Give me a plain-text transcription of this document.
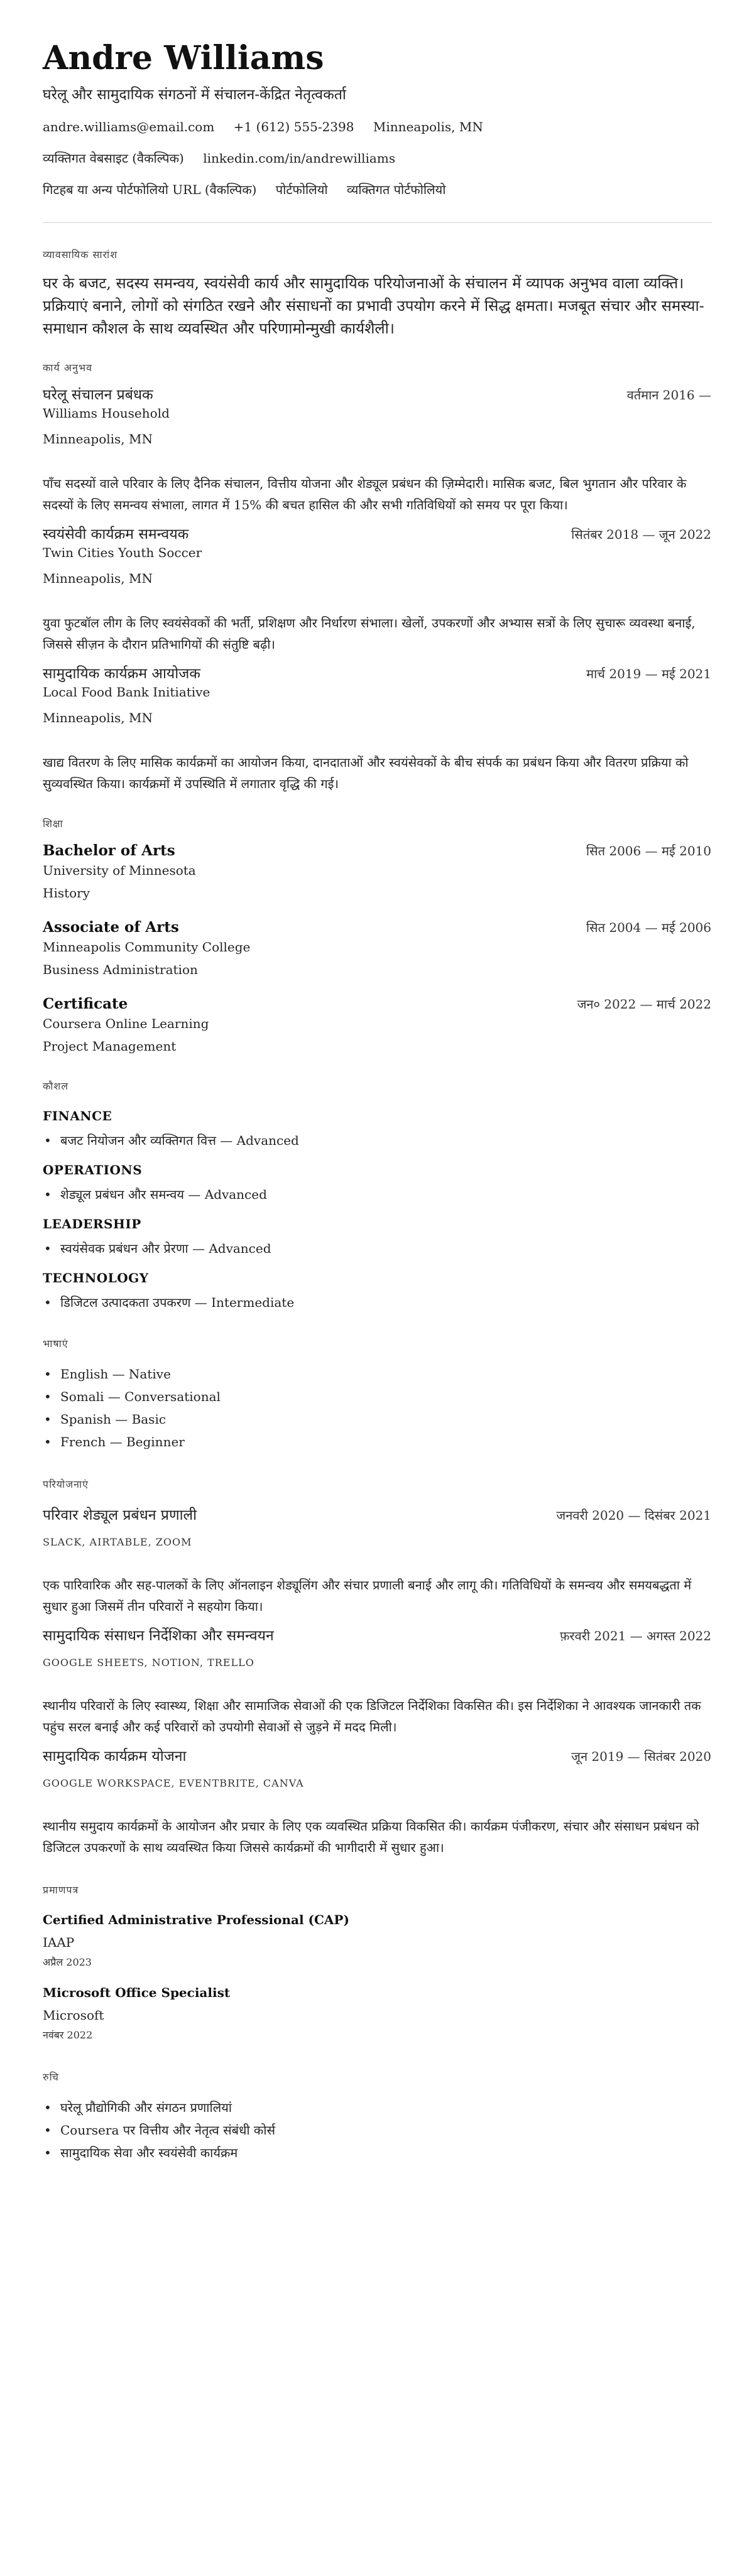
Andre Williams
घरेलू और सामुदायिक संगठनों में संचालन-केंद्रित नेतृत्वकर्ता
andre.williams@email.com +1 (612) 555-2398 Minneapolis, MN
व्यक्तिगत वेबसाइट (वैकल्पिक) linkedin.com/in/andrewilliams
गिटहब या अन्य पोर्टफोलियो URL (वैकल्पिक) पोर्टफोलियो व्यक्तिगत पोर्टफोलियो
व्यावसायिक सारांश
घर के बजट, सदस्य समन्वय, स्वयंसेवी कार्य और सामुदायिक परियोजनाओं के संचालन में व्यापक अनुभव वाला व्यक्ति। प्रक्रियाएं बनाने, लोगों को संगठित रखने और संसाधनों का प्रभावी उपयोग करने में सिद्ध क्षमता। मजबूत संचार और समस्या-समाधान कौशल के साथ व्यवस्थित और परिणामोन्मुखी कार्यशैली।
कार्य अनुभव
घरेलू संचालन प्रबंधक	वर्तमान 2016 —
Williams Household
Minneapolis, MN
पाँच सदस्यों वाले परिवार के लिए दैनिक संचालन, वित्तीय योजना और शेड्यूल प्रबंधन की ज़िम्मेदारी। मासिक बजट, बिल भुगतान और परिवार के सदस्यों के लिए समन्वय संभाला, लागत में 15% की बचत हासिल की और सभी गतिविधियों को समय पर पूरा किया।
स्वयंसेवी कार्यक्रम समन्वयक	सितंबर 2018 — जून 2022
Twin Cities Youth Soccer
Minneapolis, MN
युवा फुटबॉल लीग के लिए स्वयंसेवकों की भर्ती, प्रशिक्षण और निर्धारण संभाला। खेलों, उपकरणों और अभ्यास सत्रों के लिए सुचारू व्यवस्था बनाई, जिससे सीज़न के दौरान प्रतिभागियों की संतुष्टि बढ़ी।
सामुदायिक कार्यक्रम आयोजक	मार्च 2019 — मई 2021
Local Food Bank Initiative
Minneapolis, MN
खाद्य वितरण के लिए मासिक कार्यक्रमों का आयोजन किया, दानदाताओं और स्वयंसेवकों के बीच संपर्क का प्रबंधन किया और वितरण प्रक्रिया को सुव्यवस्थित किया। कार्यक्रमों में उपस्थिति में लगातार वृद्धि की गई।
शिक्षा
Bachelor of Arts	सित 2006 — मई 2010
University of Minnesota
History
Associate of Arts	सित 2004 — मई 2006
Minneapolis Community College
Business Administration
Certificate	जन० 2022 — मार्च 2022
Coursera Online Learning
Project Management
कौशल
FINANCE
• बजट नियोजन और व्यक्तिगत वित्त — Advanced
OPERATIONS
• शेड्यूल प्रबंधन और समन्वय — Advanced
LEADERSHIP
• स्वयंसेवक प्रबंधन और प्रेरणा — Advanced
TECHNOLOGY
• डिजिटल उत्पादकता उपकरण — Intermediate
भाषाएं
• English — Native
• Somali — Conversational
• Spanish — Basic
• French — Beginner
परियोजनाएं
परिवार शेड्यूल प्रबंधन प्रणाली	जनवरी 2020 — दिसंबर 2021
SLACK, AIRTABLE, ZOOM
एक पारिवारिक और सह-पालकों के लिए ऑनलाइन शेड्यूलिंग और संचार प्रणाली बनाई और लागू की। गतिविधियों के समन्वय और समयबद्धता में सुधार हुआ जिसमें तीन परिवारों ने सहयोग किया।
सामुदायिक संसाधन निर्देशिका और समन्वयन	फ़रवरी 2021 — अगस्त 2022
GOOGLE SHEETS, NOTION, TRELLO
स्थानीय परिवारों के लिए स्वास्थ्य, शिक्षा और सामाजिक सेवाओं की एक डिजिटल निर्देशिका विकसित की। इस निर्देशिका ने आवश्यक जानकारी तक पहुंच सरल बनाई और कई परिवारों को उपयोगी सेवाओं से जुड़ने में मदद मिली।
सामुदायिक कार्यक्रम योजना	जून 2019 — सितंबर 2020
GOOGLE WORKSPACE, EVENTBRITE, CANVA
स्थानीय समुदाय कार्यक्रमों के आयोजन और प्रचार के लिए एक व्यवस्थित प्रक्रिया विकसित की। कार्यक्रम पंजीकरण, संचार और संसाधन प्रबंधन को डिजिटल उपकरणों के साथ व्यवस्थित किया जिससे कार्यक्रमों की भागीदारी में सुधार हुआ।
प्रमाणपत्र
Certified Administrative Professional (CAP)
IAAP
अप्रैल 2023
Microsoft Office Specialist
Microsoft
नवंबर 2022
रुचि
• घरेलू प्रौद्योगिकी और संगठन प्रणालियां
• Coursera पर वित्तीय और नेतृत्व संबंधी कोर्स
• सामुदायिक सेवा और स्वयंसेवी कार्यक्रम
